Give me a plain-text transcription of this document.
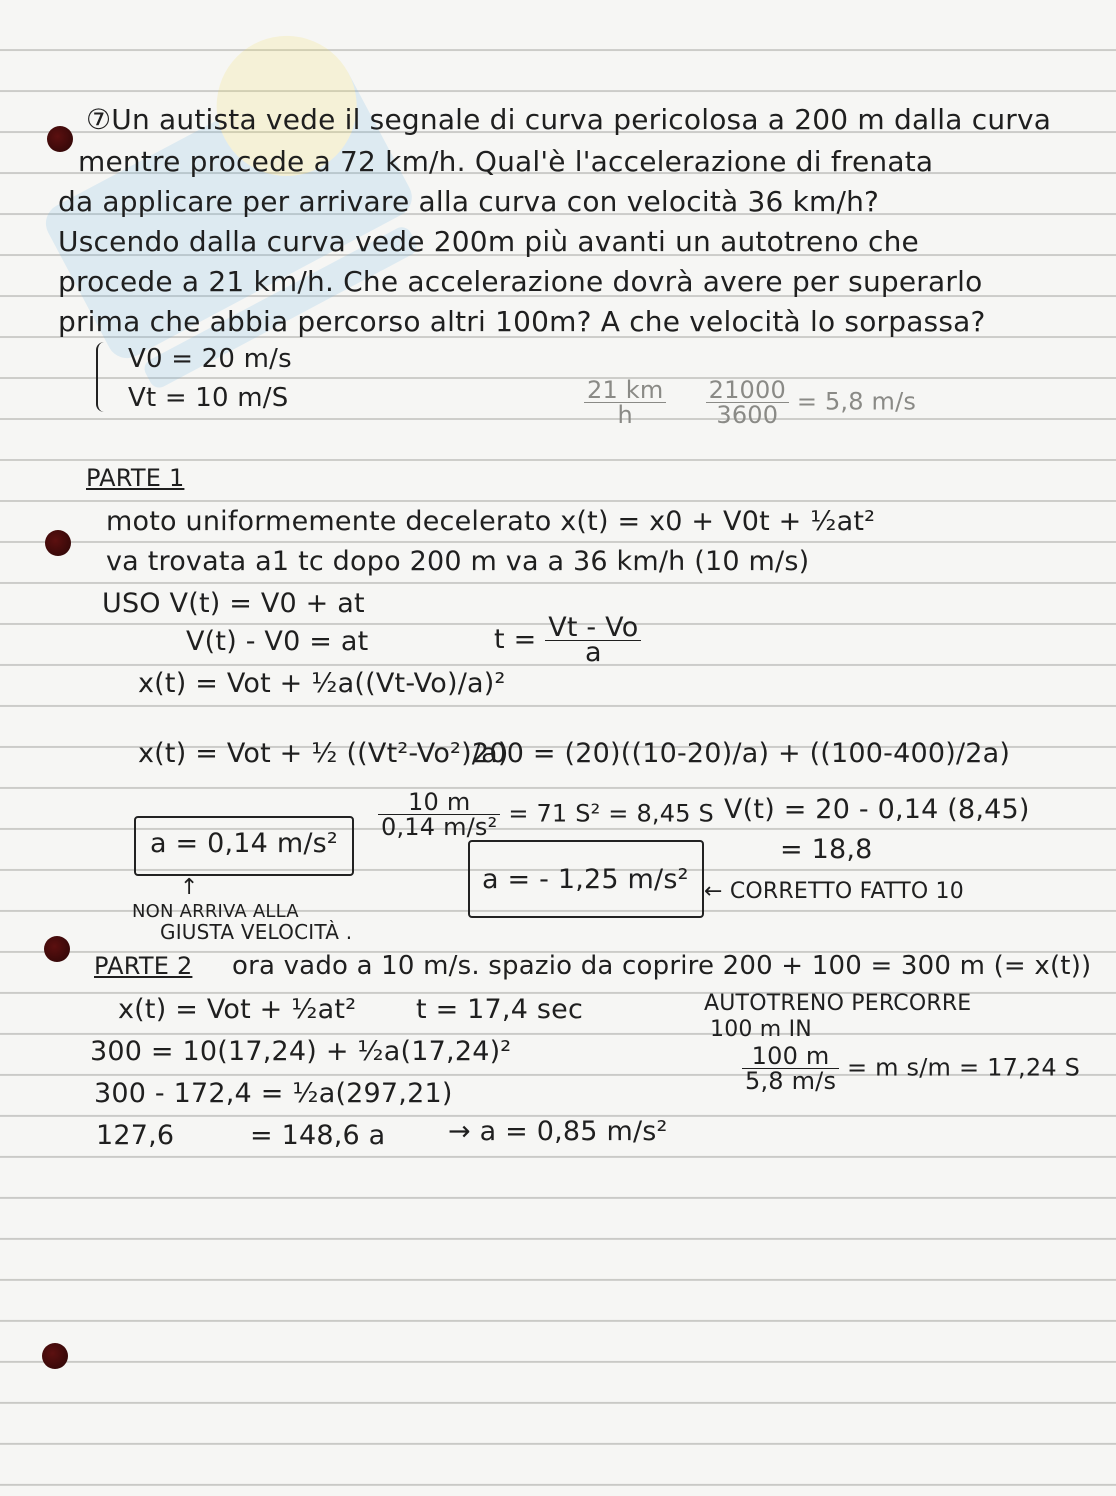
⑦Un autista vede il segnale di curva pericolosa a 200 m dalla curva
mentre procede a 72 km/h. Qual'è l'accelerazione di frenata
da applicare per arrivare alla curva con velocità 36 km/h?
Uscendo dalla curva vede 200m più avanti un autotreno che
procede a 21 km/h. Che accelerazione dovrà avere per superarlo
prima che abbia percorso altri 100m? A che velocità lo sorpassa?
V0 = 20 m/s
Vt = 10 m/S	$\frac{21 km}{h}$
$\frac{21000}{3600} = 5,8$ m/s
PARTE 1
moto uniformemente decelerato x(t) = x0 + V0t + ½at²
va trovata a1 tc dopo 200 m va a 36 km/h (10 m/s)
USO V(t) = V0 + at
V(t) - V0 = at	$t = \frac{Vt - Vo}{a}$
x(t) = Vot + ½a((Vt-Vo)/a)²
x(t) = Vot + ½ ((Vt²-Vo²)/a)
200 = (20)((10-20)/a) + ((100-400)/2a)
$\frac{10 m}{\text{0,14 m/s²}} = 71$ S² = 8,45 S V(t) = 20 - 0,14 (8,45)
= 18,8
a = 0,14 m/s²
a = - 1,25 m/s² ← CORRETTO FATTO 10
↑
NON ARRIVA ALLA
GIUSTA VELOCITÀ .
PARTE 2 ora vado a 10 m/s. spazio da coprire 200 + 100 = 300 m (= x(t))
x(t) = Vot + ½at² t = 17,4 sec	AUTOTRENO PERCORRE
100 m IN
$\frac{100 m}{5,8 m/s} = m$ s/m = 17,24 S
300 = 10(17,24) + ½a(17,24)²
300 - 172,4 = ½a(297,21)
127,6	= 148,6 a → a = 0,85 m/s²
